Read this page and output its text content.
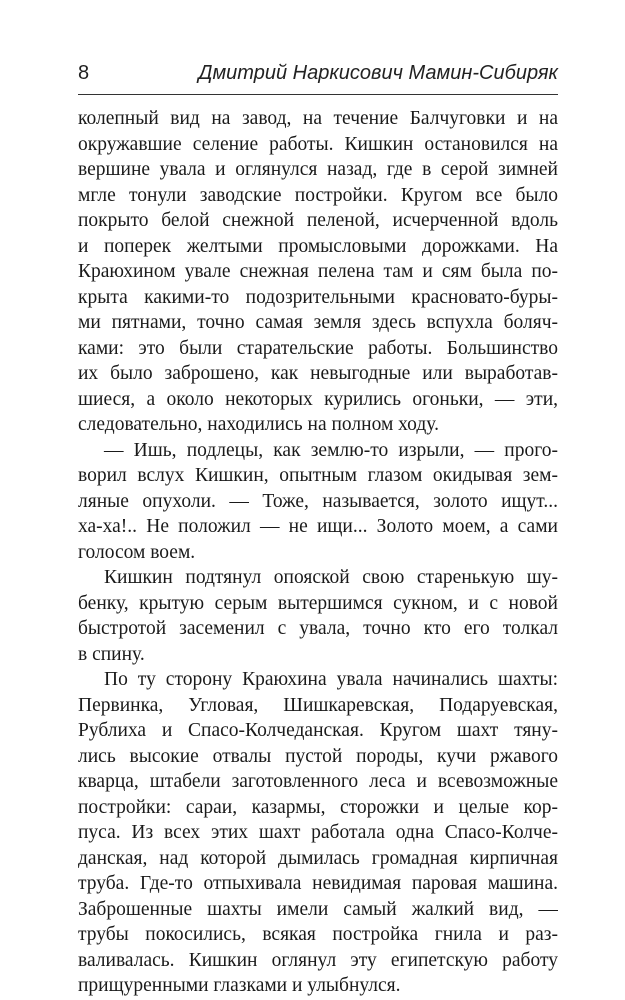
8	Дмитрий Наркисович Мамин-Сибиряк
колепный вид на завод, на течение Балчуговки и на
окружавшие селение работы. Кишкин остановился на
вершине увала и оглянулся назад, где в серой зимней
мгле тонули заводские постройки. Кругом все было
покрыто белой снежной пеленой, исчерченной вдоль
и поперек желтыми промысловыми дорожками. На
Краюхином увале снежная пелена там и сям была по-
крыта какими-то подозрительными красновато-буры-
ми пятнами, точно самая земля здесь вспухла боляч-
ками: это были старательские работы. Большинство
их было заброшено, как невыгодные или выработав-
шиеся, а около некоторых курились огоньки, — эти,
следовательно, находились на полном ходу.
— Ишь, подлецы, как землю-то изрыли, — прого-
ворил вслух Кишкин, опытным глазом окидывая зем-
ляные опухоли. — Тоже, называется, золото ищут...
ха-ха!.. Не положил — не ищи... Золото моем, а сами
голосом воем.
Кишкин подтянул опояской свою старенькую шу-
бенку, крытую серым вытершимся сукном, и с новой
быстротой засеменил с увала, точно кто его толкал
в спину.
По ту сторону Краюхина увала начинались шахты:
Первинка, Угловая, Шишкаревская, Подаруевская,
Рублиха и Спасо-Колчеданская. Кругом шахт тяну-
лись высокие отвалы пустой породы, кучи ржавого
кварца, штабели заготовленного леса и всевозможные
постройки: сараи, казармы, сторожки и целые кор-
пуса. Из всех этих шахт работала одна Спасо-Колче-
данская, над которой дымилась громадная кирпичная
труба. Где-то отпыхивала невидимая паровая машина.
Заброшенные шахты имели самый жалкий вид, —
трубы покосились, всякая постройка гнила и раз-
валивалась. Кишкин оглянул эту египетскую работу
прищуренными глазками и улыбнулся.
